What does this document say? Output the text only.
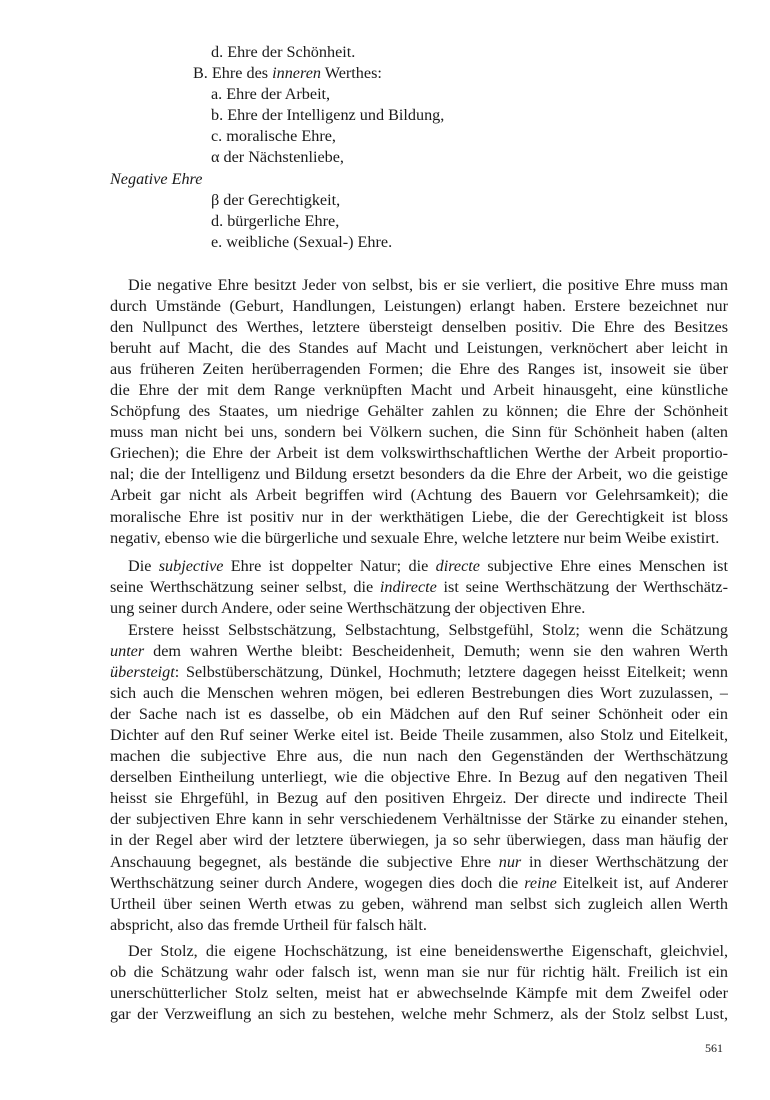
d. Ehre der Schönheit.
B. Ehre des inneren Werthes:
a. Ehre der Arbeit,
b. Ehre der Intelligenz und Bildung,
c. moralische Ehre,
α der Nächstenliebe,
Negative Ehre
β der Gerechtigkeit,
d. bürgerliche Ehre,
e. weibliche (Sexual-) Ehre.
Die negative Ehre besitzt Jeder von selbst, bis er sie verliert, die positive Ehre muss man
durch Umstände (Geburt, Handlungen, Leistungen) erlangt haben. Erstere bezeichnet nur
den Nullpunct des Werthes, letztere übersteigt denselben positiv. Die Ehre des Besitzes
beruht auf Macht, die des Standes auf Macht und Leistungen, verknöchert aber leicht in
aus früheren Zeiten herüberragenden Formen; die Ehre des Ranges ist, insoweit sie über
die Ehre der mit dem Range verknüpften Macht und Arbeit hinausgeht, eine künstliche
Schöpfung des Staates, um niedrige Gehälter zahlen zu können; die Ehre der Schönheit
muss man nicht bei uns, sondern bei Völkern suchen, die Sinn für Schönheit haben (alten
Griechen); die Ehre der Arbeit ist dem volkswirthschaftlichen Werthe der Arbeit proportio-
nal; die der Intelligenz und Bildung ersetzt besonders da die Ehre der Arbeit, wo die geistige
Arbeit gar nicht als Arbeit begriffen wird (Achtung des Bauern vor Gelehrsamkeit); die
moralische Ehre ist positiv nur in der werkthätigen Liebe, die der Gerechtigkeit ist bloss
negativ, ebenso wie die bürgerliche und sexuale Ehre, welche letztere nur beim Weibe existirt.
Die subjective Ehre ist doppelter Natur; die directe subjective Ehre eines Menschen ist
seine Werthschätzung seiner selbst, die indirecte ist seine Werthschätzung der Werthschätz-
ung seiner durch Andere, oder seine Werthschätzung der objectiven Ehre.
Erstere heisst Selbstschätzung, Selbstachtung, Selbstgefühl, Stolz; wenn die Schätzung
unter dem wahren Werthe bleibt: Bescheidenheit, Demuth; wenn sie den wahren Werth
übersteigt: Selbstüberschätzung, Dünkel, Hochmuth; letztere dagegen heisst Eitelkeit; wenn
sich auch die Menschen wehren mögen, bei edleren Bestrebungen dies Wort zuzulassen, –
der Sache nach ist es dasselbe, ob ein Mädchen auf den Ruf seiner Schönheit oder ein
Dichter auf den Ruf seiner Werke eitel ist. Beide Theile zusammen, also Stolz und Eitelkeit,
machen die subjective Ehre aus, die nun nach den Gegenständen der Werthschätzung
derselben Eintheilung unterliegt, wie die objective Ehre. In Bezug auf den negativen Theil
heisst sie Ehrgefühl, in Bezug auf den positiven Ehrgeiz. Der directe und indirecte Theil
der subjectiven Ehre kann in sehr verschiedenem Verhältnisse der Stärke zu einander stehen,
in der Regel aber wird der letztere überwiegen, ja so sehr überwiegen, dass man häufig der
Anschauung begegnet, als bestände die subjective Ehre nur in dieser Werthschätzung der
Werthschätzung seiner durch Andere, wogegen dies doch die reine Eitelkeit ist, auf Anderer
Urtheil über seinen Werth etwas zu geben, während man selbst sich zugleich allen Werth
abspricht, also das fremde Urtheil für falsch hält.
Der Stolz, die eigene Hochschätzung, ist eine beneidenswerthe Eigenschaft, gleichviel,
ob die Schätzung wahr oder falsch ist, wenn man sie nur für richtig hält. Freilich ist ein
unerschütterlicher Stolz selten, meist hat er abwechselnde Kämpfe mit dem Zweifel oder
gar der Verzweiflung an sich zu bestehen, welche mehr Schmerz, als der Stolz selbst Lust,
561
